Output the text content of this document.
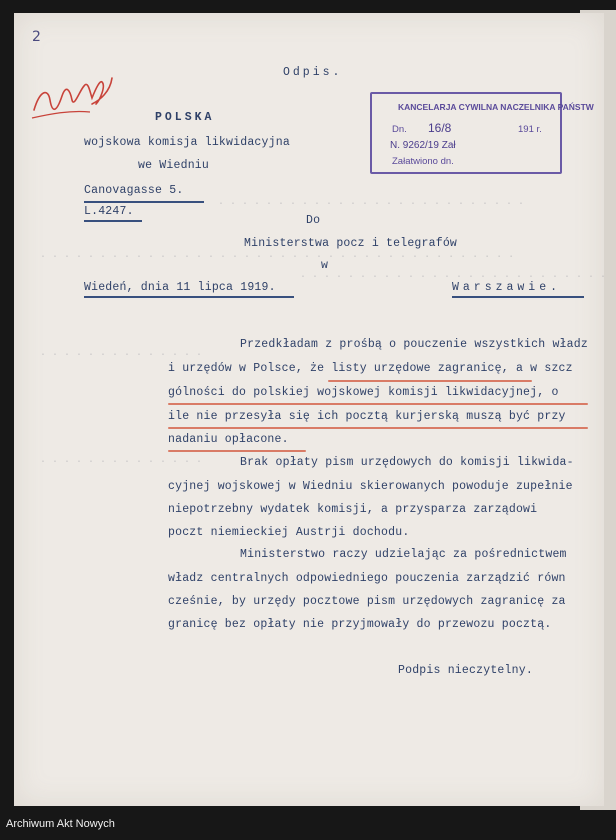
. . . . . . . . . . . . . . . . . . . . . . . . . .
. . . . . . . . . . . . . . . . . . . . . . . . . . . . . . . . . . . . . . . .
. . . . . . . . . . . . . . . . . . . . . . . . . .
. . . . . . . . . . . . . .
. . . . . . . . . . . . . .
2
Odpis.
POLSKA
wojskowa komisja likwidacyjna
we Wiedniu
Canovagasse 5.
L.4247.
KANCELARJA CYWILNA NACZELNIKA PAŃSTW
Dn. 16/8	191 r.
N. 9262/19 Zał
Załatwiono dn.
Do
Ministerstwa pocz i telegrafów
w
Wiedeń, dnia 11 lipca 1919.	Warszawie.
Przedkładam z prośbą o pouczenie wszystkich władz
i urzędów w Polsce, że listy urzędowe zagranicę, a w szcz
gólności do polskiej wojskowej komisji likwidacyjnej, o
ile nie przesyła się ich pocztą kurjerską muszą być przy
nadaniu opłacone.
Brak opłaty pism urzędowych do komisji likwida-
cyjnej wojskowej w Wiedniu skierowanych powoduje zupełnie
niepotrzebny wydatek komisji, a przysparza zarządowi
poczt niemieckiej Austrji dochodu.
Ministerstwo raczy udzielając za pośrednictwem
władz centralnych odpowiedniego pouczenia zarządzić równ
cześnie, by urzędy pocztowe pism urzędowych zagranicę za
granicę bez opłaty nie przyjmowały do przewozu pocztą.
Podpis nieczytelny.
Archiwum Akt Nowych
